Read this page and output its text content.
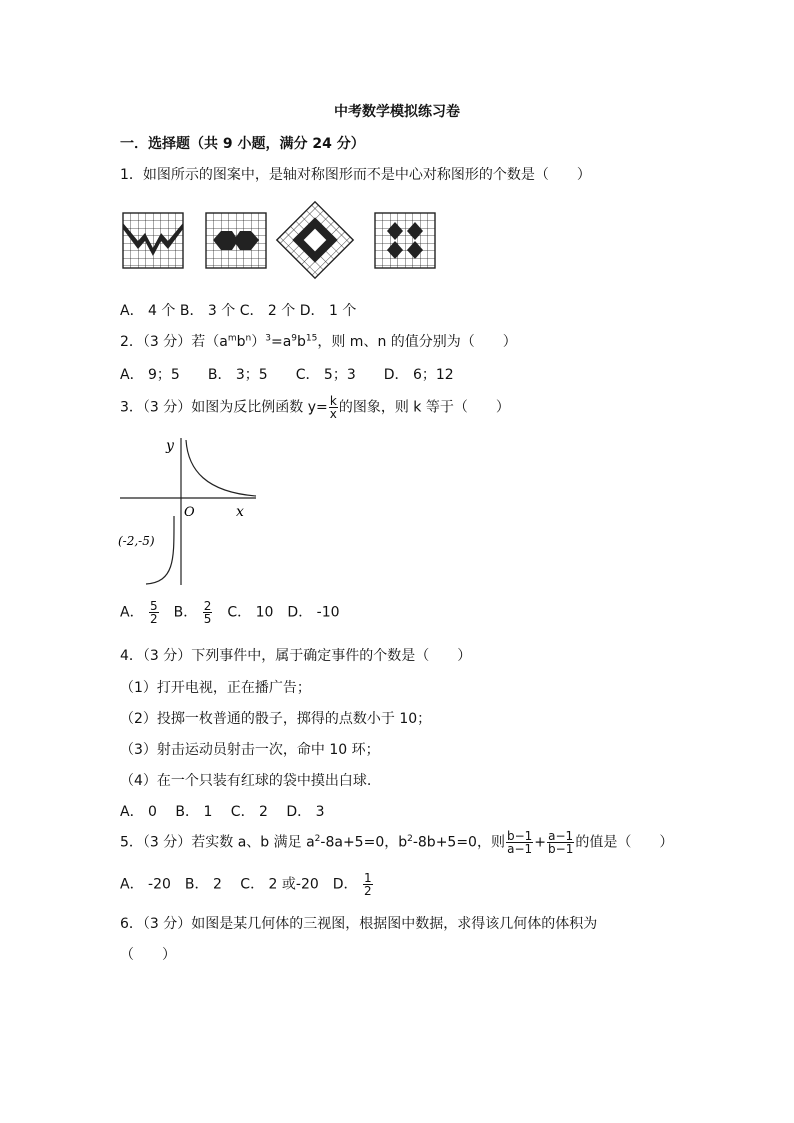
中考数学模拟练习卷
一．选择题（共 9 小题，满分 24 分）
1．如图所示的图案中，是轴对称图形而不是中心对称图形的个数是（　　）
A． 4 个 B． 3 个 C． 2 个 D． 1 个
2．（3 分）若$(a^mb^n)^3=a^9b^{15}$，则 m、n 的值分别为（　　）
A． 9；5　　B． 3；5　　C． 5；3　　D． 6；12
3．（3 分）如图为反比例函数 $y= \frac{k}{x}$ 的图象，则 k 等于（　　）
y
x
O
(-2,-5)
A． $\frac{5}{2}$
　 B． $\frac{2}{5}$
　 C． 10　D． -10
4．（3 分）下列事件中，属于确定事件的个数是（　　）
（1）打开电视，正在播广告；
（2）投掷一枚普通的骰子，掷得的点数小于 10；
（3）射击运动员射击一次，命中 10 环；
（4）在一个只装有红球的袋中摸出白球.
A． 0　 B． 1　 C． 2　 D． 3
5．（3 分）若实数 a、b 满足 $a^2-8a+5=0$，$b^2-8b+5=0$，则 $\frac{b-1}{a-1} + \frac{a-1}{b-1}$ 的值是（　　）
A． -20　B． 2　 C． 2 或-20　D． $\frac{1}{2}$
6．（3 分）如图是某几何体的三视图，根据图中数据，求得该几何体的体积为
（　　）
